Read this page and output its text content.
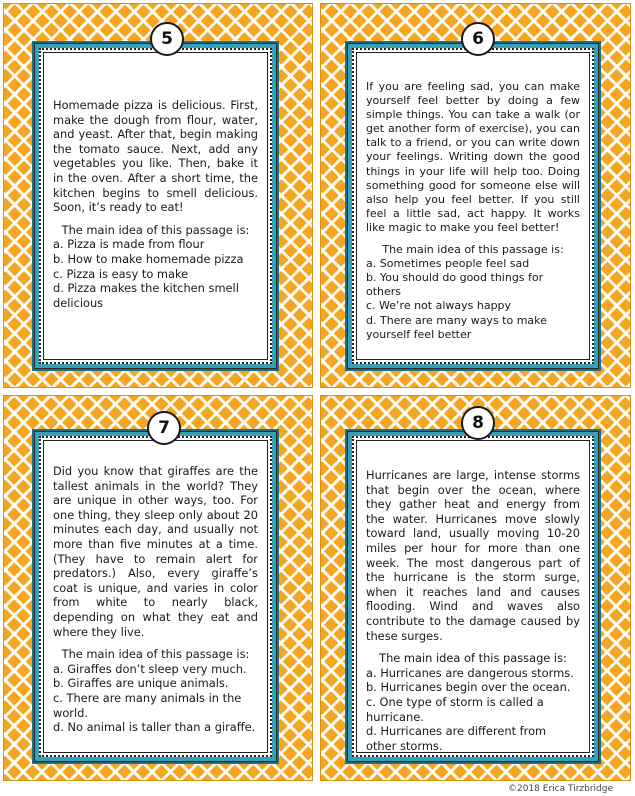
Homemade pizza is delicious. First, make the dough from flour, water, and yeast. After that, begin making the tomato sauce. Next, add any vegetables you like. Then, bake it in the oven. After a short time, the kitchen begins to smell delicious. Soon, it’s ready to eat!

The main idea of this passage is:

a. Pizza is made from flour

b. How to make homemade pizza

c. Pizza is easy to make

d. Pizza makes the kitchen smell delicious

5

If you are feeling sad, you can make yourself feel better by doing a few simple things. You can take a walk (or get another form of exercise), you can talk to a friend, or you can write down your feelings. Writing down the good things in your life will help too. Doing something good for someone else will also help you feel better. If you still feel a little sad, act happy. It works like magic to make you feel better!

The main idea of this passage is:

a. Sometimes people feel sad

b. You should do good things for others

c. We’re not always happy

d. There are many ways to make yourself feel better

6

Did you know that giraffes are the tallest animals in the world? They are unique in other ways, too. For one thing, they sleep only about 20 minutes each day, and usually not more than five minutes at a time. (They have to remain alert for predators.) Also, every giraffe’s coat is unique, and varies in color from white to nearly black, depending on what they eat and where they live.

The main idea of this passage is:

a. Giraffes don’t sleep very much.

b. Giraffes are unique animals.

c. There are many animals in the world.

d. No animal is taller than a giraffe.

7

Hurricanes are large, intense storms that begin over the ocean, where they gather heat and energy from the water. Hurricanes move slowly toward land, usually moving 10-20 miles per hour for more than one week. The most dangerous part of the hurricane is the storm surge, when it reaches land and causes flooding. Wind and waves also contribute to the damage caused by these surges.

The main idea of this passage is:

a. Hurricanes are dangerous storms.

b. Hurricanes begin over the ocean.

c. One type of storm is called a hurricane.

d. Hurricanes are different from other storms.

8
©2018 Erica Tirzbridge
